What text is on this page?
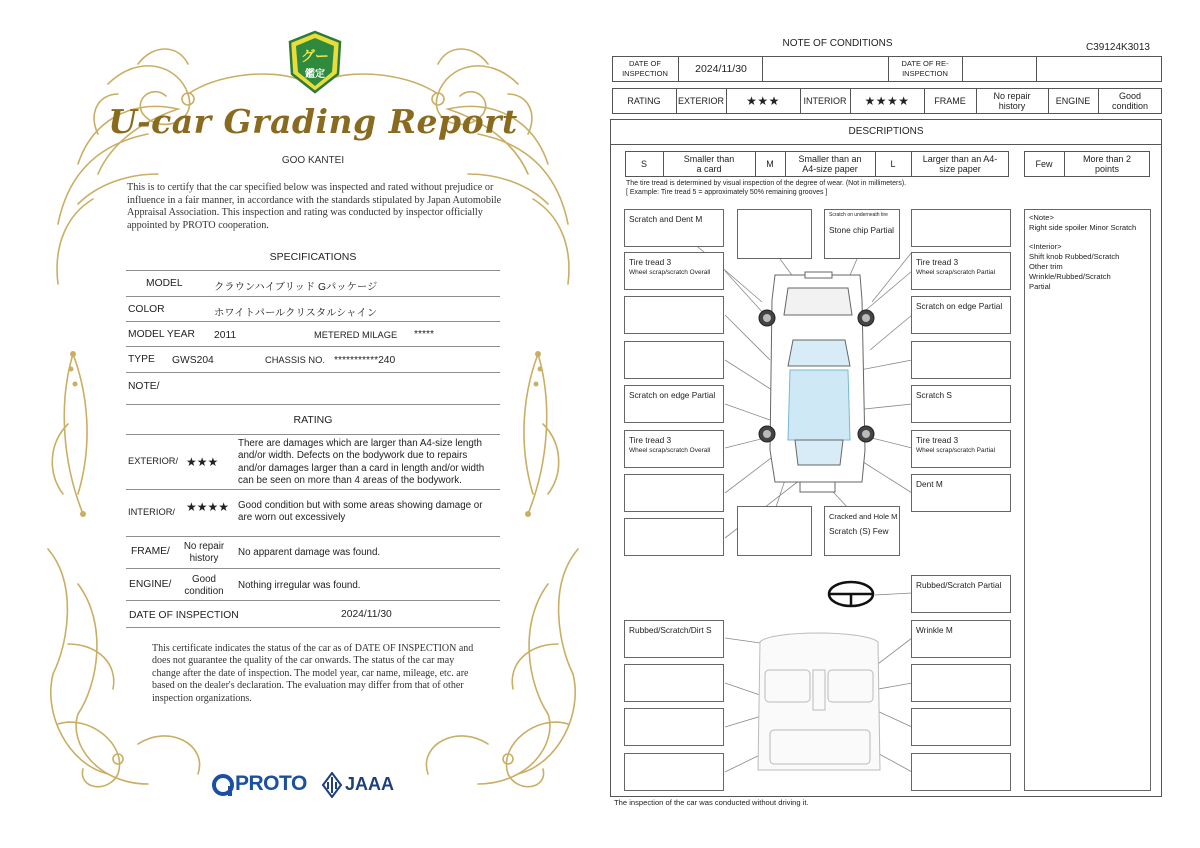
グー
鑑定
U-car Grading Report
GOO KANTEI
This is to certify that the car specified below was inspected and rated without prejudice or influence in a fair manner, in accordance with the standards stipulated by Japan Automobile Appraisal Association. This inspection and rating was conducted by inspector officially appointed by PROTO cooperation.
SPECIFICATIONS
MODEL	クラウンハイブリッド Gパッケージ
COLOR	ホワイトパールクリスタルシャイン
MODEL YEAR 2011	METERED MILAGE *****
TYPE GWS204	CHASSIS NO. ***********240
NOTE/
RATING
EXTERIOR/ ★★★
There are damages which are larger than A4-size length and/or width. Defects on the bodywork due to repairs and/or damages larger than a card in length and/or width can be seen on more than 4 areas of the bodywork.
INTERIOR/ ★★★★ Good condition but with some areas showing damage or are worn out excessively
FRAME/	No repair history
No apparent damage was found.
ENGINE/	Good condition
Nothing irregular was found.
DATE OF INSPECTION	2024/11/30
This certificate indicates the status of the car as of DATE OF INSPECTION and does not guarantee the quality of the car onwards. The status of the car may change after the date of inspection. The model year, car name, mileage, etc. are based on the dealer's declaration. The evaluation may differ from that of other inspection organizations.
PROTO JAAA
NOTE OF CONDITIONS	C39124K3013
DATE OF INSPECTION	2024/11/30	DATE OF RE-INSPECTION
RATING	EXTERIOR	★★★	INTERIOR	★★★★	FRAME	No repair history	ENGINE	Good condition
DESCRIPTIONS
S	Smaller than a card	M	Smaller than an A4-size paper	L	Larger than an A4-size paper	Few	More than 2 points
The tire tread is determined by visual inspection of the degree of wear. (Not in millimeters).
[ Example: Tire tread 5 = approximately 50% remaining grooves ]
Scratch and Dent M	Scratch on underneath tire
Stone chip Partial
Tire tread 3
Wheel scrap/scratch Overall
Tire tread 3
Wheel scrap/scratch Partial
Scratch on edge Partial
Scratch on edge Partial	Scratch S
Tire tread 3
Wheel scrap/scratch Overall
Tire tread 3
Wheel scrap/scratch Partial
Dent M
Cracked and Hole M
Scratch (S) Few
Rubbed/Scratch Partial
Rubbed/Scratch/Dirt S	Wrinkle M
<Note>
Right side spoiler Minor Scratch
<Interior>
Shift knob Rubbed/Scratch
Other trim
Wrinkle/Rubbed/Scratch
Partial
The inspection of the car was conducted without driving it.
